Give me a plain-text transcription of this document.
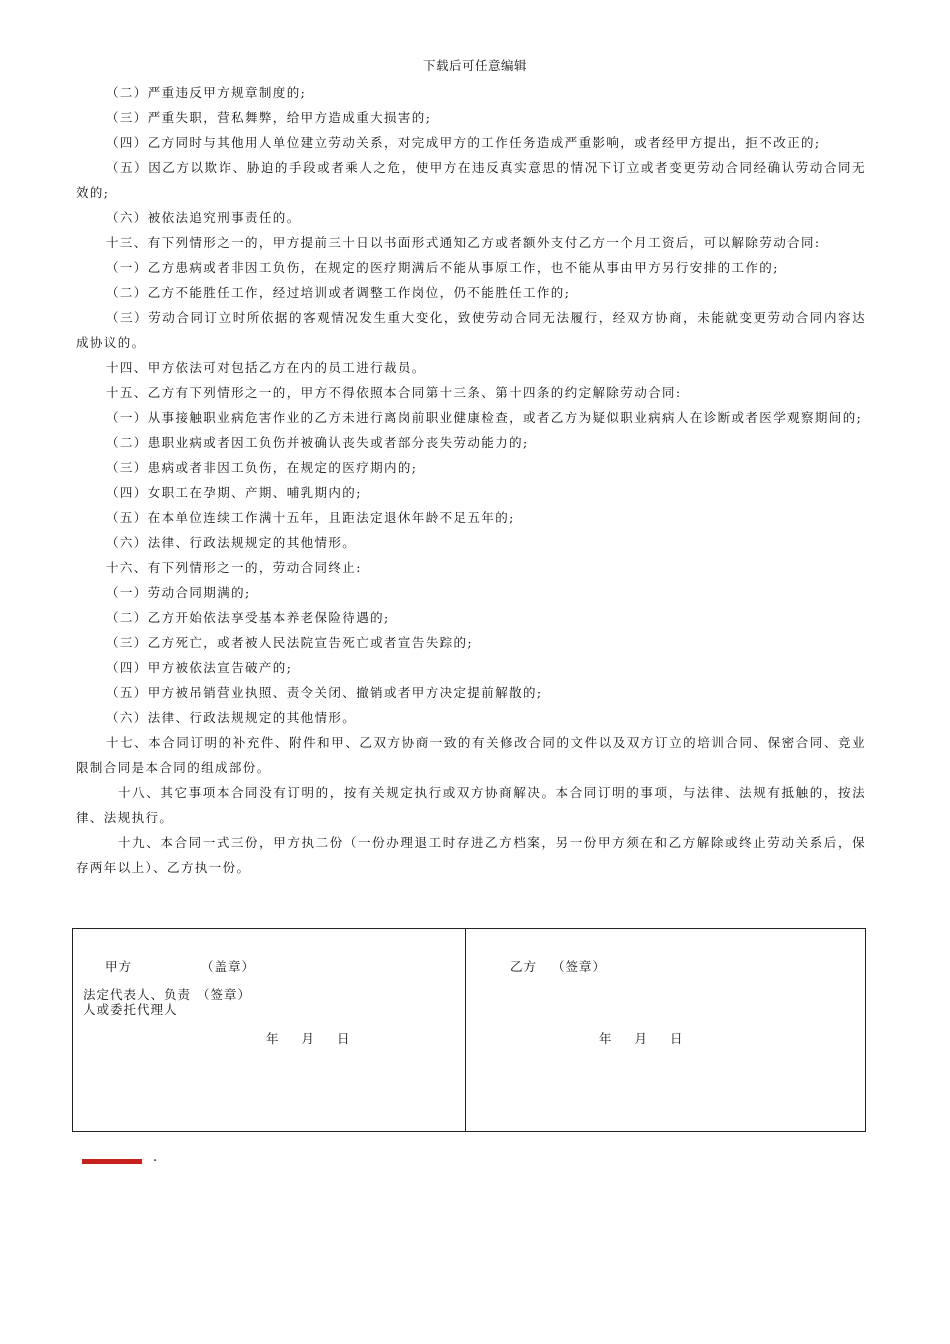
下载后可任意编辑

（二）严重违反甲方规章制度的;

（三）严重失职，营私舞弊，给甲方造成重大损害的;

（四）乙方同时与其他用人单位建立劳动关系，对完成甲方的工作任务造成严重影响，或者经甲方提出，拒不改正的;

（五）因乙方以欺诈、胁迫的手段或者乘人之危，使甲方在违反真实意思的情况下订立或者变更劳动合同经确认劳动合同无效的;

（六）被依法追究刑事责任的。

十三、有下列情形之一的，甲方提前三十日以书面形式通知乙方或者额外支付乙方一个月工资后，可以解除劳动合同:

（一）乙方患病或者非因工负伤，在规定的医疗期满后不能从事原工作，也不能从事由甲方另行安排的工作的;

（二）乙方不能胜任工作，经过培训或者调整工作岗位，仍不能胜任工作的;

（三）劳动合同订立时所依据的客观情况发生重大变化，致使劳动合同无法履行，经双方协商，未能就变更劳动合同内容达成协议的。

十四、甲方依法可对包括乙方在内的员工进行裁员。

十五、乙方有下列情形之一的，甲方不得依照本合同第十三条、第十四条的约定解除劳动合同:

（一）从事接触职业病危害作业的乙方未进行离岗前职业健康检查，或者乙方为疑似职业病病人在诊断或者医学观察期间的;

（二）患职业病或者因工负伤并被确认丧失或者部分丧失劳动能力的;

（三）患病或者非因工负伤，在规定的医疗期内的;

（四）女职工在孕期、产期、哺乳期内的;

（五）在本单位连续工作满十五年，且距法定退休年龄不足五年的;

（六）法律、行政法规规定的其他情形。

十六、有下列情形之一的，劳动合同终止:

（一）劳动合同期满的;

（二）乙方开始依法享受基本养老保险待遇的;

（三）乙方死亡，或者被人民法院宣告死亡或者宣告失踪的;

（四）甲方被依法宣告破产的;

（五）甲方被吊销营业执照、责令关闭、撤销或者甲方决定提前解散的;

（六）法律、行政法规规定的其他情形。

十七、本合同订明的补充件、附件和甲、乙双方协商一致的有关修改合同的文件以及双方订立的培训合同、保密合同、竞业限制合同是本合同的组成部份。

十八、其它事项本合同没有订明的，按有关规定执行或双方协商解决。本合同订明的事项，与法律、法规有抵触的，按法律、法规执行。

十九、本合同一式三份，甲方执二份（一份办理退工时存进乙方档案，另一份甲方须在和乙方解除或终止劳动关系后，保存两年以上）、乙方执一份。

甲方	（盖章）
法定代表人、负责 （签章）
人或委托代理人
年 月 日
乙方 （签章）
年 月 日
.
